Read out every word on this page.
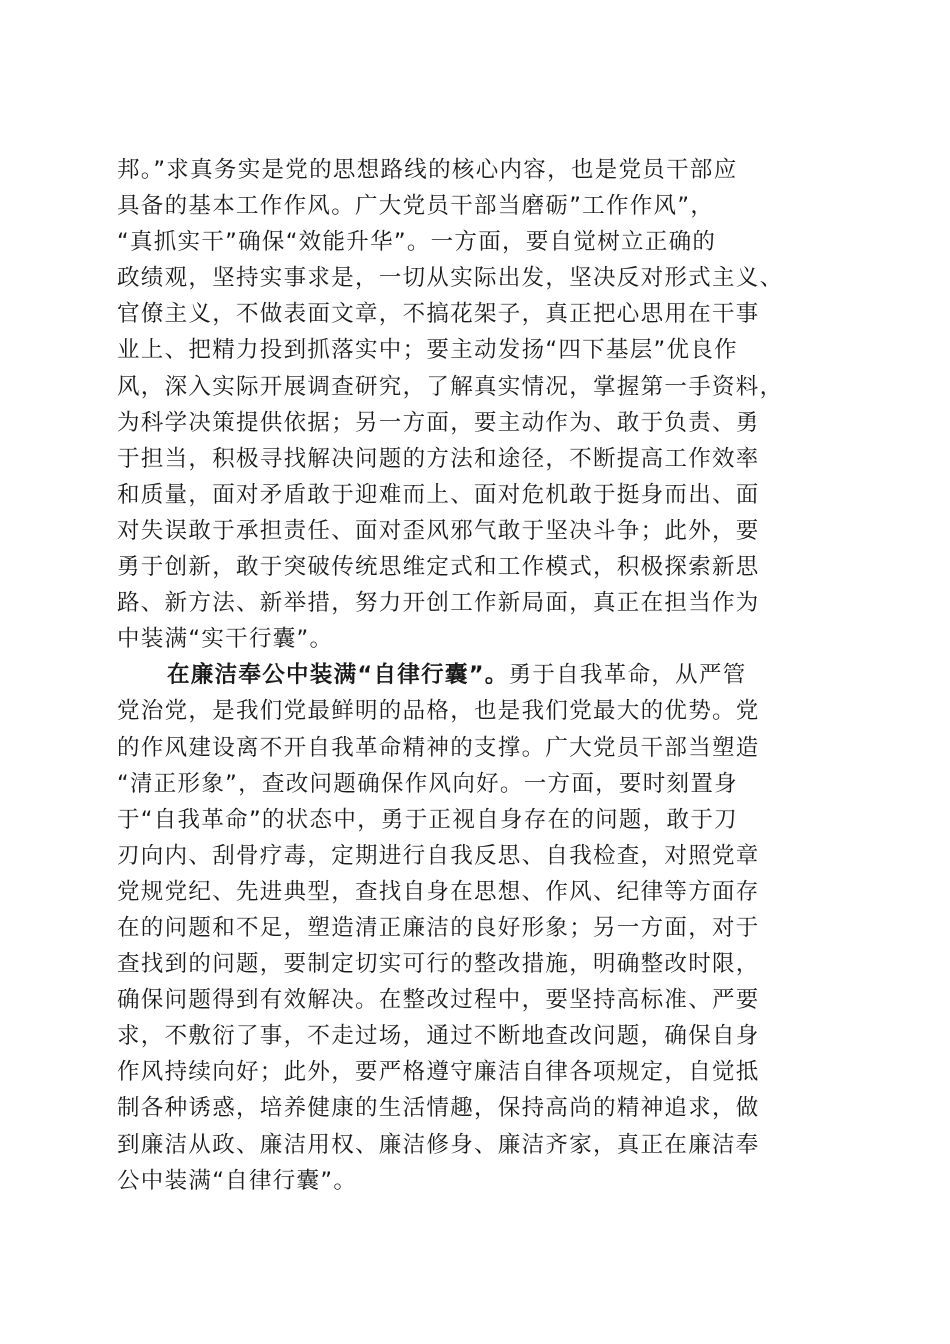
邦。”求真务实是党的思想路线的核心内容，也是党员干部应
具备的基本工作作风。广大党员干部当磨砺”工作作风”，
“真抓实干”确保“效能升华”。一方面，要自觉树立正确的
政绩观，坚持实事求是，一切从实际出发，坚决反对形式主义、
官僚主义，不做表面文章，不搞花架子，真正把心思用在干事
业上、把精力投到抓落实中；要主动发扬“四下基层”优良作
风，深入实际开展调查研究，了解真实情况，掌握第一手资料，
为科学决策提供依据；另一方面，要主动作为、敢于负责、勇
于担当，积极寻找解决问题的方法和途径，不断提高工作效率
和质量，面对矛盾敢于迎难而上、面对危机敢于挺身而出、面
对失误敢于承担责任、面对歪风邪气敢于坚决斗争；此外，要
勇于创新，敢于突破传统思维定式和工作模式，积极探索新思
路、新方法、新举措，努力开创工作新局面，真正在担当作为
中装满“实干行囊”。
在廉洁奉公中装满“自律行囊”。勇于自我革命，从严管
党治党，是我们党最鲜明的品格，也是我们党最大的优势。党
的作风建设离不开自我革命精神的支撑。广大党员干部当塑造
“清正形象”，查改问题确保作风向好。一方面，要时刻置身
于“自我革命”的状态中，勇于正视自身存在的问题，敢于刀
刃向内、刮骨疗毒，定期进行自我反思、自我检查，对照党章
党规党纪、先进典型，查找自身在思想、作风、纪律等方面存
在的问题和不足，塑造清正廉洁的良好形象；另一方面，对于
查找到的问题，要制定切实可行的整改措施，明确整改时限，
确保问题得到有效解决。在整改过程中，要坚持高标准、严要
求，不敷衍了事，不走过场，通过不断地查改问题，确保自身
作风持续向好；此外，要严格遵守廉洁自律各项规定，自觉抵
制各种诱惑，培养健康的生活情趣，保持高尚的精神追求，做
到廉洁从政、廉洁用权、廉洁修身、廉洁齐家，真正在廉洁奉
公中装满“自律行囊”。
